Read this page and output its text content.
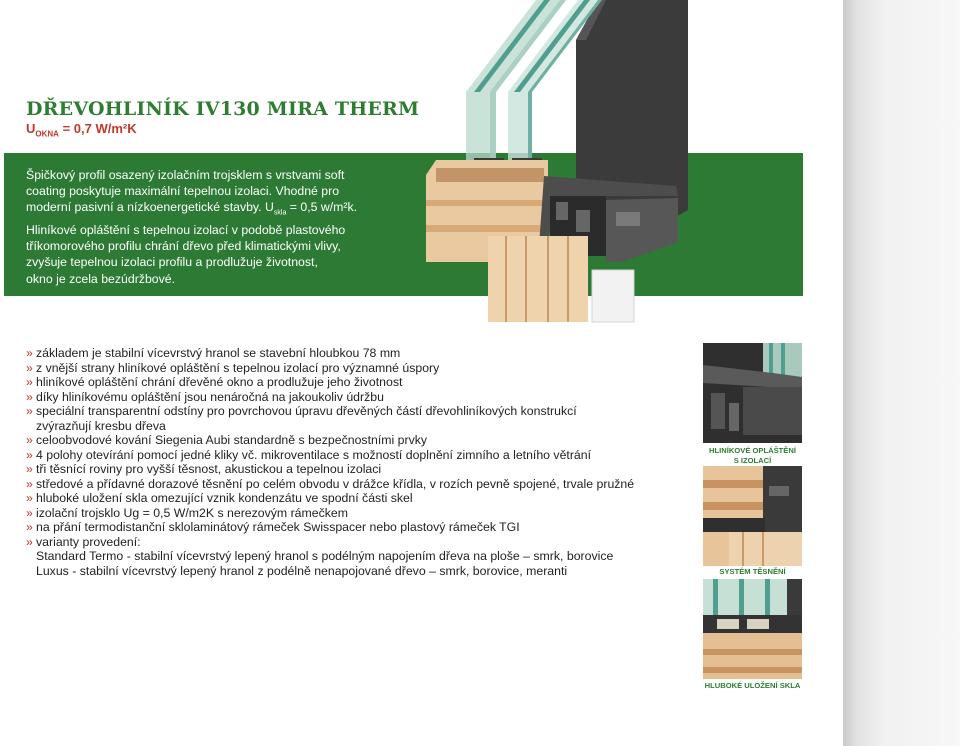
DŘEVOHLINÍK IV130 MIRA THERM
$U_{OKNA} = 0,7$ W/m²K
Špičkový profil osazený izolačním trojsklem s vrstvami soft
coating poskytuje maximální tepelnou izolaci. Vhodné pro
moderní pasivní a nízkoenergetické stavby. $U_{skla} = 0,5$ w/m²k.
Hliníkové opláštění s tepelnou izolací v podobě plastového
tříkomorového profilu chrání dřevo před klimatickými vlivy,
zvyšuje tepelnou izolaci profilu a prodlužuje životnost,
okno je zcela bezúdržbové.
» základem je stabilní vícevrstvý hranol se stavební hloubkou 78 mm
» z vnější strany hliníkové opláštění s tepelnou izolací pro významné úspory
» hliníkové opláštění chrání dřevěné okno a prodlužuje jeho životnost
» díky hliníkovému opláštění jsou nenáročná na jakoukoliv údržbu
» speciální transparentní odstíny pro povrchovou úpravu dřevěných částí dřevohliníkových konstrukcí
zvýrazňují kresbu dřeva
» celoobvodové kování Siegenia Aubi standardně s bezpečnostními prvky
» 4 polohy otevírání pomocí jedné kliky vč. mikroventilace s možností doplnění zimního a letního větrání
» tři těsnící roviny pro vyšší těsnost, akustickou a tepelnou izolaci
» středové a přídavné dorazové těsnění po celém obvodu v drážce křídla, v rozích pevně spojené, trvale pružné
» hluboké uložení skla omezující vznik kondenzátu ve spodní části skel
» izolační trojsklo Ug = 0,5 W/m2K s nerezovým rámečkem
» na přání termodistanční sklolaminátový rámeček Swisspacer nebo plastový rámeček TGI
» varianty provedení:
Standard Termo - stabilní vícevrstvý lepený hranol s podélným napojením dřeva na ploše – smrk, borovice
Luxus - stabilní vícevrstvý lepený hranol z podélně nenapojované dřevo – smrk, borovice, meranti
HLINÍKOVÉ OPLÁŠTĚNÍ
S IZOLACÍ
SYSTÉM TĚSNĚNÍ
HLUBOKÉ ULOŽENÍ SKLA
